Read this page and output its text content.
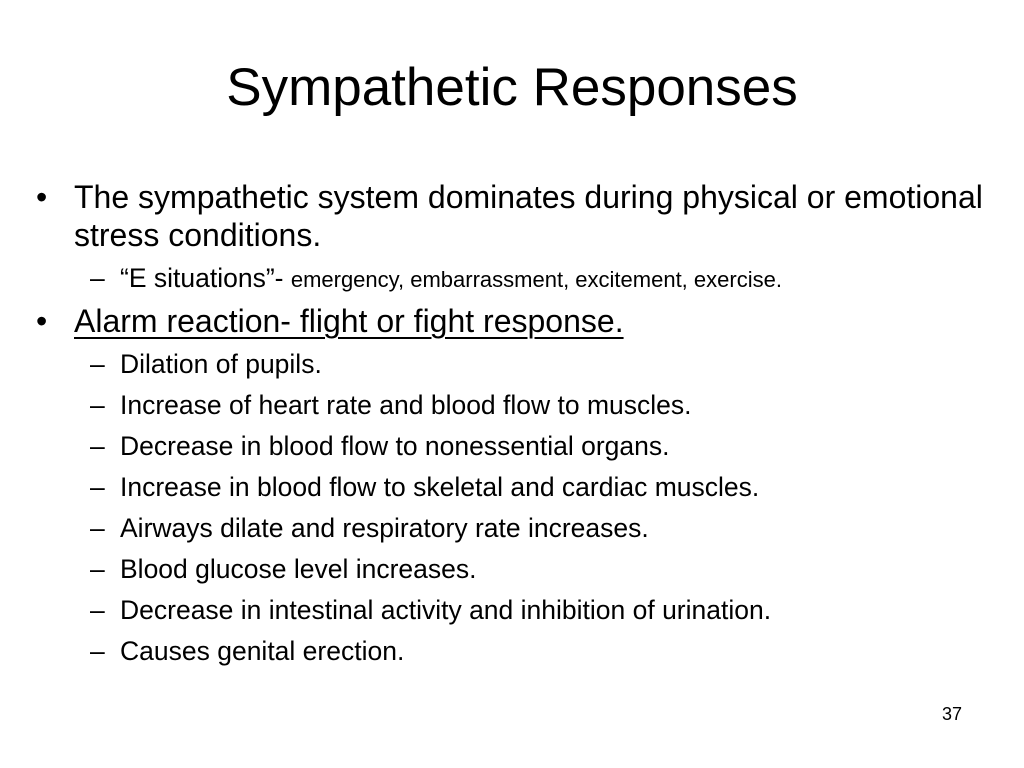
Sympathetic Responses
• The sympathetic system dominates during physical or emotional stress conditions.
– “E situations”- emergency, embarrassment, excitement, exercise.
• Alarm reaction- flight or fight response.
– Dilation of pupils.
– Increase of heart rate and blood flow to muscles.
– Decrease in blood flow to nonessential organs.
– Increase in blood flow to skeletal and cardiac muscles.
– Airways dilate and respiratory rate increases.
– Blood glucose level increases.
– Decrease in intestinal activity and inhibition of urination.
– Causes genital erection.
37
